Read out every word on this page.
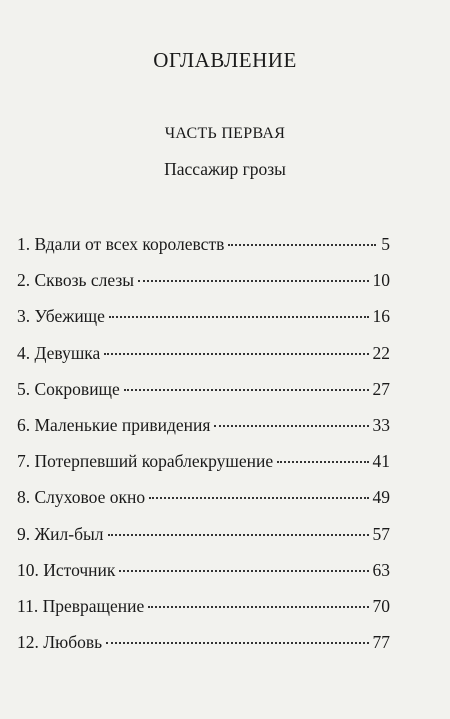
ОГЛАВЛЕНИЕ
ЧАСТЬ ПЕРВАЯ
Пассажир грозы
1. Вдали от всех королевств	5
2. Сквозь слезы	10
3. Убежище	16
4. Девушка	22
5. Сокровище	27
6. Маленькие привидения	33
7. Потерпевший кораблекрушение	41
8. Слуховое окно	49
9. Жил-был	57
10. Источник	63
11. Превращение	70
12. Любовь	77
